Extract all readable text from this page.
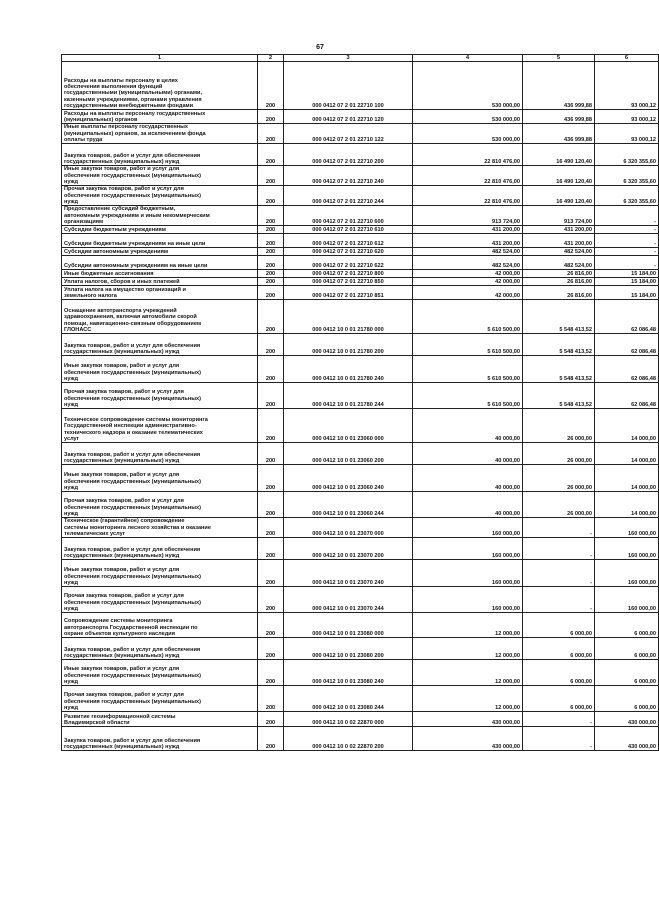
67
1	2	3	4	5	6

Расходы на выплаты персоналу в целях
обеспечения выполнения функций
государственными (муниципальными) органами,
казенными учреждениями, органами управления
государственными внебюджетными фондами	200	000 0412 07 2 01 22710 100	530 000,00	436 999,88	93 000,12

Расходы на выплаты персоналу государственных
(муниципальных) органов	200	000 0412 07 2 01 22710 120	530 000,00	436 999,88	93 000,12

Иные выплаты персоналу государственных
(муниципальных) органов, за исключением фонда
оплаты труда	200	000 0412 07 2 01 22710 122	530 000,00	436 999,88	93 000,12

Закупка товаров, работ и услуг для обеспечения
государственных (муниципальных) нужд	200	000 0412 07 2 01 22710 200	22 810 476,00	16 490 120,40	6 320 355,60

Иные закупки товаров, работ и услуг для
обеспечения государственных (муниципальных)
нужд	200	000 0412 07 2 01 22710 240	22 810 476,00	16 490 120,40	6 320 355,60

Прочая закупка товаров, работ и услуг для
обеспечения государственных (муниципальных)
нужд	200	000 0412 07 2 01 22710 244	22 810 476,00	16 490 120,40	6 320 355,60

Предоставление субсидий бюджетным,
автономным учреждениям и иным некоммерческим
организациям	200	000 0412 07 2 01 22710 600	913 724,00	913 724,00	-

Субсидии бюджетным учреждениям	200	000 0412 07 2 01 22710 610	431 200,00	431 200,00	-

Субсидии бюджетным учреждениям на иные цели	200	000 0412 07 2 01 22710 612	431 200,00	431 200,00	-

Субсидии автономным учреждениям	200	000 0412 07 2 01 22710 620	482 524,00	482 524,00	-

Субсидии автономным учреждениям на иные цели	200	000 0412 07 2 01 22710 622	482 524,00	482 524,00	-

Иные бюджетные ассигнования	200	000 0412 07 2 01 22710 800	42 000,00	26 816,00	15 184,00

Уплата налогов, сборов и иных платежей	200	000 0412 07 2 01 22710 850	42 000,00	26 816,00	15 184,00

Уплата налога на имущество организаций и
земельного налога	200	000 0412 07 2 01 22710 851	42 000,00	26 816,00	15 184,00

Оснащение автотранспорта учреждений
здравоохранения, включая автомобили скорой
помощи, навигационно-связным оборудованием
ГЛОНАСС	200	000 0412 10 0 01 21780 000	5 610 500,00	5 548 413,52	62 086,48

Закупка товаров, работ и услуг для обеспечения
государственных (муниципальных) нужд	200	000 0412 10 0 01 21780 200	5 610 500,00	5 548 413,52	62 086,48

Иные закупки товаров, работ и услуг для
обеспечения государственных (муниципальных)
нужд	200	000 0412 10 0 01 21780 240	5 610 500,00	5 548 413,52	62 086,48

Прочая закупка товаров, работ и услуг для
обеспечения государственных (муниципальных)
нужд	200	000 0412 10 0 01 21780 244	5 610 500,00	5 548 413,52	62 086,48

Техническое сопровождение системы мониторинга
Государственной инспекции административно-
технического надзора и оказание телематических
услуг	200	000 0412 10 0 01 23060 000	40 000,00	26 000,00	14 000,00

Закупка товаров, работ и услуг для обеспечения
государственных (муниципальных) нужд	200	000 0412 10 0 01 23060 200	40 000,00	26 000,00	14 000,00

Иные закупки товаров, работ и услуг для
обеспечения государственных (муниципальных)
нужд	200	000 0412 10 0 01 23060 240	40 000,00	26 000,00	14 000,00

Прочая закупка товаров, работ и услуг для
обеспечения государственных (муниципальных)
нужд	200	000 0412 10 0 01 23060 244	40 000,00	26 000,00	14 000,00

Техническое (гарантийное) сопровождение
системы мониторинга лесного хозяйства и оказание
телематических услуг	200	000 0412 10 0 01 23070 000	160 000,00	-	160 000,00

Закупка товаров, работ и услуг для обеспечения
государственных (муниципальных) нужд	200	000 0412 10 0 01 23070 200	160 000,00	-	160 000,00

Иные закупки товаров, работ и услуг для
обеспечения государственных (муниципальных)
нужд	200	000 0412 10 0 01 23070 240	160 000,00	-	160 000,00

Прочая закупка товаров, работ и услуг для
обеспечения государственных (муниципальных)
нужд	200	000 0412 10 0 01 23070 244	160 000,00	-	160 000,00

Сопровождение системы мониторинга
автотранспорта Государственной инспекции по
охране объектов культурного наследия	200	000 0412 10 0 01 23080 000	12 000,00	6 000,00	6 000,00

Закупка товаров, работ и услуг для обеспечения
государственных (муниципальных) нужд	200	000 0412 10 0 01 23080 200	12 000,00	6 000,00	6 000,00

Иные закупки товаров, работ и услуг для
обеспечения государственных (муниципальных)
нужд	200	000 0412 10 0 01 23080 240	12 000,00	6 000,00	6 000,00

Прочая закупка товаров, работ и услуг для
обеспечения государственных (муниципальных)
нужд	200	000 0412 10 0 01 23080 244	12 000,00	6 000,00	6 000,00

Развитие геоинформационной системы
Владимирской области	200	000 0412 10 0 02 22870 000	430 000,00	-	430 000,00

Закупка товаров, работ и услуг для обеспечения
государственных (муниципальных) нужд	200	000 0412 10 0 02 22870 200	430 000,00	-	430 000,00
